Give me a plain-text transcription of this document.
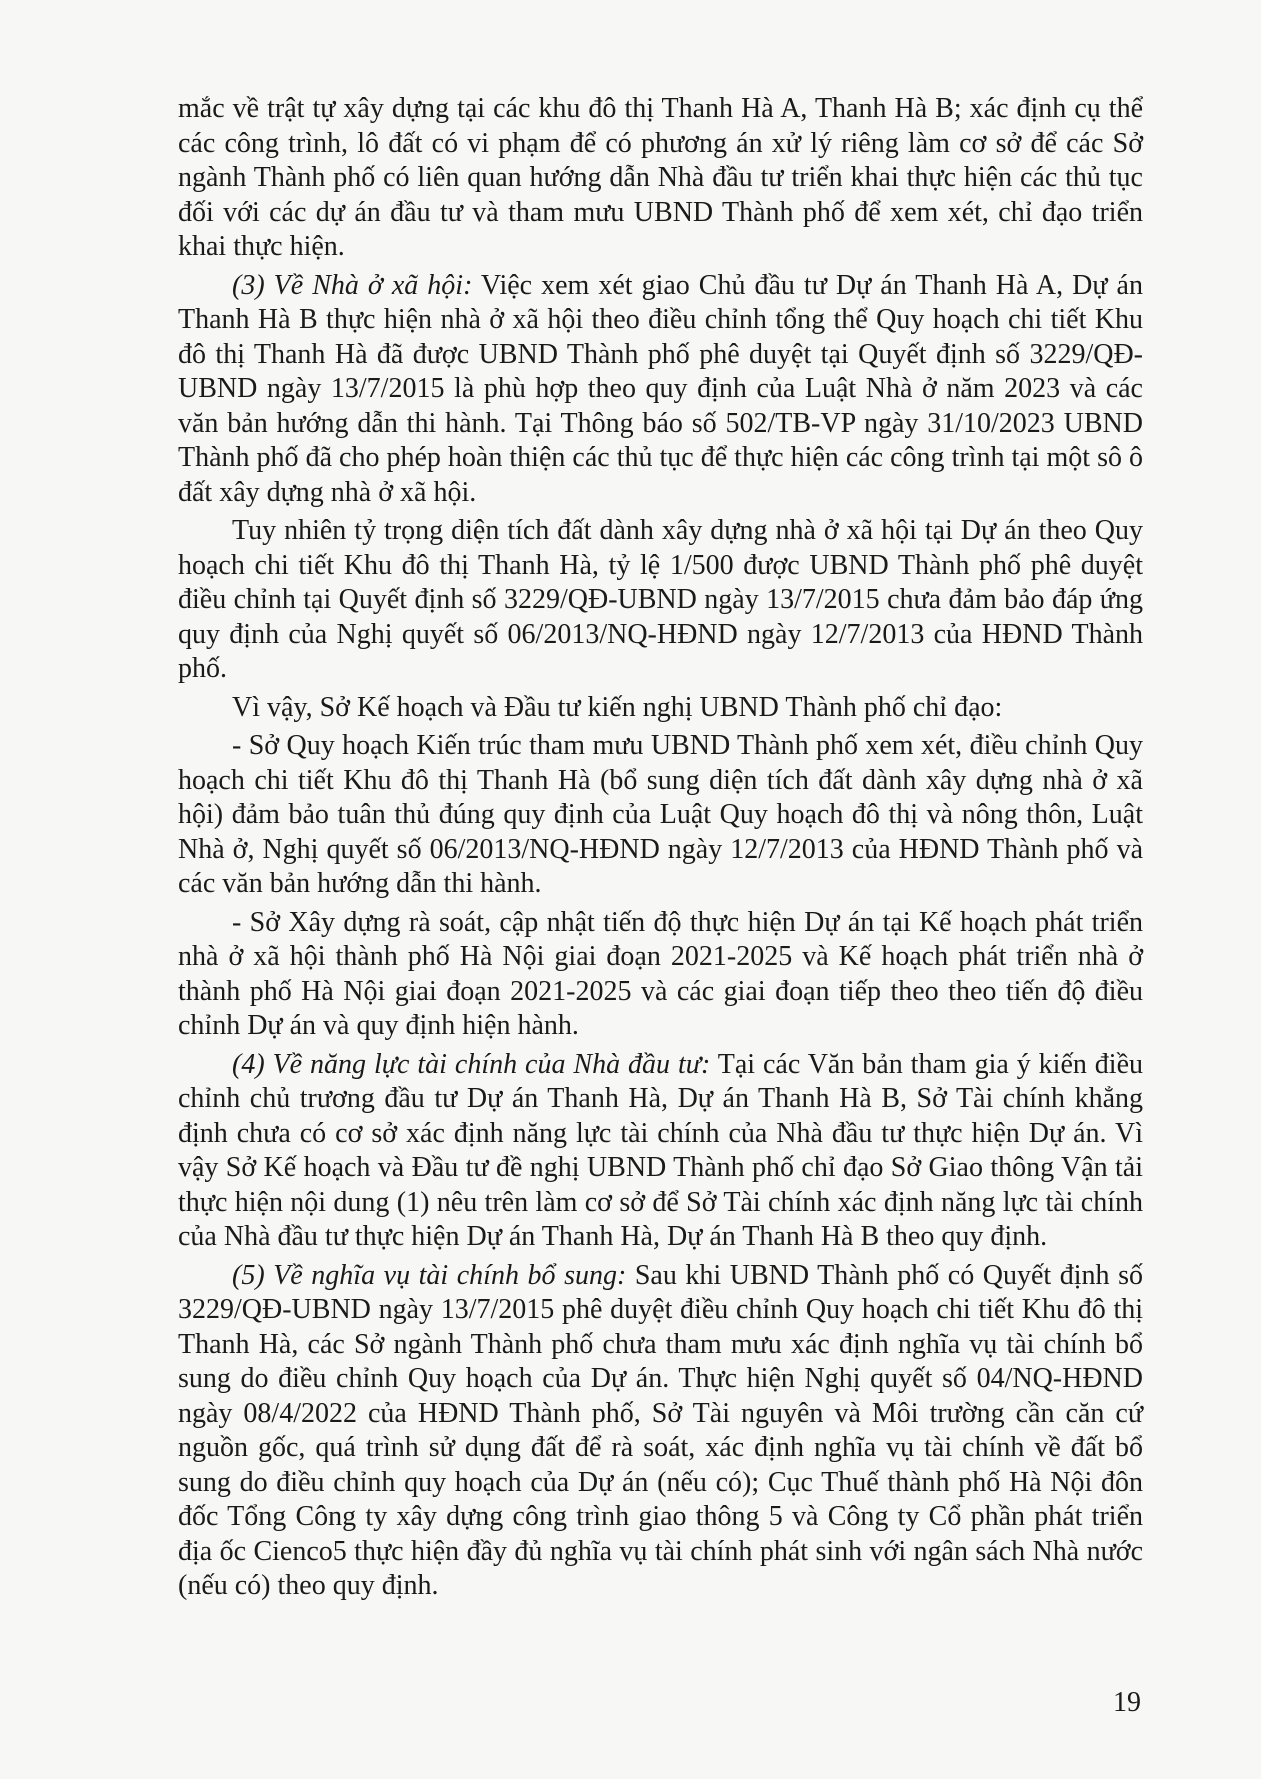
mắc về trật tự xây dựng tại các khu đô thị Thanh Hà A, Thanh Hà B; xác định cụ thể các công trình, lô đất có vi phạm để có phương án xử lý riêng làm cơ sở để các Sở ngành Thành phố có liên quan hướng dẫn Nhà đầu tư triển khai thực hiện các thủ tục đối với các dự án đầu tư và tham mưu UBND Thành phố để xem xét, chỉ đạo triển khai thực hiện.

(3) Về Nhà ở xã hội: Việc xem xét giao Chủ đầu tư Dự án Thanh Hà A, Dự án Thanh Hà B thực hiện nhà ở xã hội theo điều chỉnh tổng thể Quy hoạch chi tiết Khu đô thị Thanh Hà đã được UBND Thành phố phê duyệt tại Quyết định số 3229/QĐ-UBND ngày 13/7/2015 là phù hợp theo quy định của Luật Nhà ở năm 2023 và các văn bản hướng dẫn thi hành. Tại Thông báo số 502/TB-VP ngày 31/10/2023 UBND Thành phố đã cho phép hoàn thiện các thủ tục để thực hiện các công trình tại một sô ô đất xây dựng nhà ở xã hội.

Tuy nhiên tỷ trọng diện tích đất dành xây dựng nhà ở xã hội tại Dự án theo Quy hoạch chi tiết Khu đô thị Thanh Hà, tỷ lệ 1/500 được UBND Thành phố phê duyệt điều chỉnh tại Quyết định số 3229/QĐ-UBND ngày 13/7/2015 chưa đảm bảo đáp ứng quy định của Nghị quyết số 06/2013/NQ-HĐND ngày 12/7/2013 của HĐND Thành phố.

Vì vậy, Sở Kế hoạch và Đầu tư kiến nghị UBND Thành phố chỉ đạo:

- Sở Quy hoạch Kiến trúc tham mưu UBND Thành phố xem xét, điều chỉnh Quy hoạch chi tiết Khu đô thị Thanh Hà (bổ sung diện tích đất dành xây dựng nhà ở xã hội) đảm bảo tuân thủ đúng quy định của Luật Quy hoạch đô thị và nông thôn, Luật Nhà ở, Nghị quyết số 06/2013/NQ-HĐND ngày 12/7/2013 của HĐND Thành phố và các văn bản hướng dẫn thi hành.

- Sở Xây dựng rà soát, cập nhật tiến độ thực hiện Dự án tại Kế hoạch phát triển nhà ở xã hội thành phố Hà Nội giai đoạn 2021-2025 và Kế hoạch phát triển nhà ở thành phố Hà Nội giai đoạn 2021-2025 và các giai đoạn tiếp theo theo tiến độ điều chỉnh Dự án và quy định hiện hành.

(4) Về năng lực tài chính của Nhà đầu tư: Tại các Văn bản tham gia ý kiến điều chỉnh chủ trương đầu tư Dự án Thanh Hà, Dự án Thanh Hà B, Sở Tài chính khẳng định chưa có cơ sở xác định năng lực tài chính của Nhà đầu tư thực hiện Dự án. Vì vậy Sở Kế hoạch và Đầu tư đề nghị UBND Thành phố chỉ đạo Sở Giao thông Vận tải thực hiện nội dung (1) nêu trên làm cơ sở để Sở Tài chính xác định năng lực tài chính của Nhà đầu tư thực hiện Dự án Thanh Hà, Dự án Thanh Hà B theo quy định.

(5) Về nghĩa vụ tài chính bổ sung: Sau khi UBND Thành phố có Quyết định số 3229/QĐ-UBND ngày 13/7/2015 phê duyệt điều chỉnh Quy hoạch chi tiết Khu đô thị Thanh Hà, các Sở ngành Thành phố chưa tham mưu xác định nghĩa vụ tài chính bổ sung do điều chỉnh Quy hoạch của Dự án. Thực hiện Nghị quyết số 04/NQ-HĐND ngày 08/4/2022 của HĐND Thành phố, Sở Tài nguyên và Môi trường cần căn cứ nguồn gốc, quá trình sử dụng đất để rà soát, xác định nghĩa vụ tài chính về đất bổ sung do điều chỉnh quy hoạch của Dự án (nếu có); Cục Thuế thành phố Hà Nội đôn đốc Tổng Công ty xây dựng công trình giao thông 5 và Công ty Cổ phần phát triển địa ốc Cienco5 thực hiện đầy đủ nghĩa vụ tài chính phát sinh với ngân sách Nhà nước (nếu có) theo quy định.

19
